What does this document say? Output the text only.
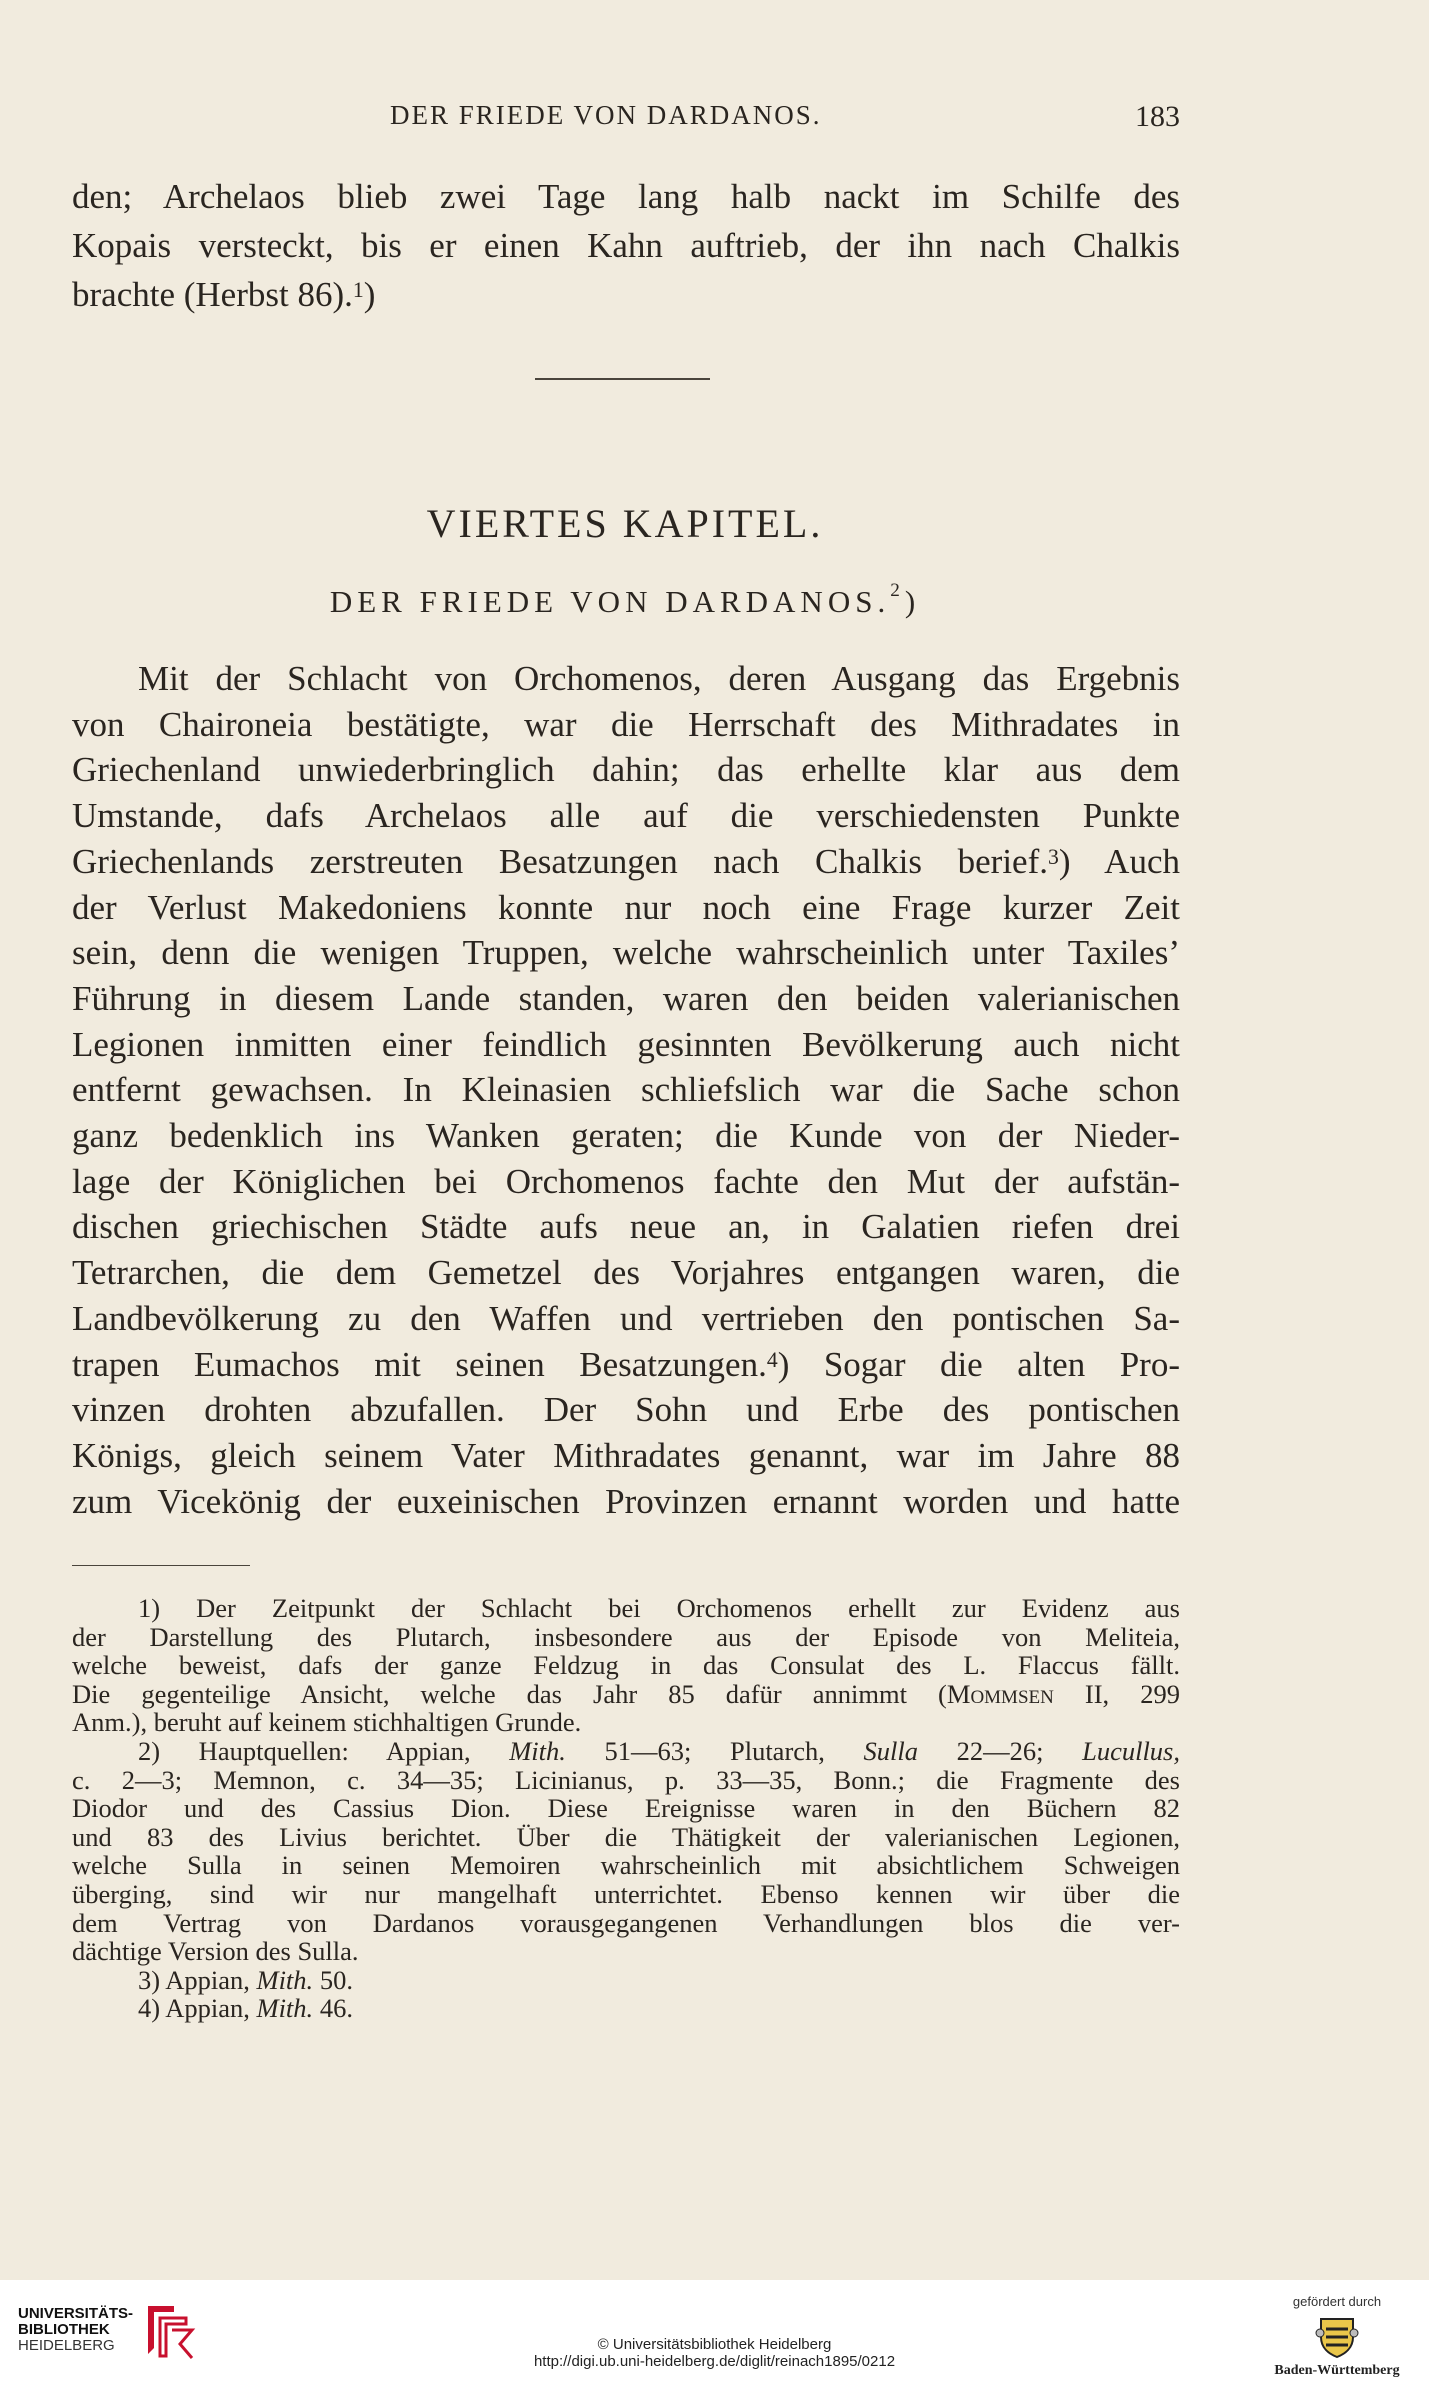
DER FRIEDE VON DARDANOS.	183
den; Archelaos blieb zwei Tage lang halb nackt im Schilfe des
Kopais versteckt, bis er einen Kahn auftrieb, der ihn nach Chalkis
brachte (Herbst 86).$^1$)
VIERTES KAPITEL.
DER FRIEDE VON DARDANOS.$^2$)
Mit der Schlacht von Orchomenos, deren Ausgang das Ergebnis
von Chaironeia bestätigte, war die Herrschaft des Mithradates in
Griechenland unwiederbringlich dahin; das erhellte klar aus dem
Umstande, dafs Archelaos alle auf die verschiedensten Punkte
Griechenlands zerstreuten Besatzungen nach Chalkis berief.$^3$) Auch
der Verlust Makedoniens konnte nur noch eine Frage kurzer Zeit
sein, denn die wenigen Truppen, welche wahrscheinlich unter Taxiles’
Führung in diesem Lande standen, waren den beiden valerianischen
Legionen inmitten einer feindlich gesinnten Bevölkerung auch nicht
entfernt gewachsen. In Kleinasien schliefslich war die Sache schon
ganz bedenklich ins Wanken geraten; die Kunde von der Nieder-
lage der Königlichen bei Orchomenos fachte den Mut der aufstän-
dischen griechischen Städte aufs neue an, in Galatien riefen drei
Tetrarchen, die dem Gemetzel des Vorjahres entgangen waren, die
Landbevölkerung zu den Waffen und vertrieben den pontischen Sa-
trapen Eumachos mit seinen Besatzungen.$^4$) Sogar die alten Pro-
vinzen drohten abzufallen. Der Sohn und Erbe des pontischen
Königs, gleich seinem Vater Mithradates genannt, war im Jahre 88
zum Vicekönig der euxeinischen Provinzen ernannt worden und hatte
1) Der Zeitpunkt der Schlacht bei Orchomenos erhellt zur Evidenz aus
der Darstellung des Plutarch, insbesondere aus der Episode von Meliteia,
welche beweist, dafs der ganze Feldzug in das Consulat des L. Flaccus fällt.
Die gegenteilige Ansicht, welche das Jahr 85 dafür annimmt (Mommsen II, 299
Anm.), beruht auf keinem stichhaltigen Grunde.
2) Hauptquellen: Appian, Mith. 51—63; Plutarch, Sulla 22—26; Lucullus,
c. 2—3; Memnon, c. 34—35; Licinianus, p. 33—35, Bonn.; die Fragmente des
Diodor und des Cassius Dion. Diese Ereignisse waren in den Büchern 82
und 83 des Livius berichtet. Über die Thätigkeit der valerianischen Legionen,
welche Sulla in seinen Memoiren wahrscheinlich mit absichtlichem Schweigen
überging, sind wir nur mangelhaft unterrichtet. Ebenso kennen wir über die
dem Vertrag von Dardanos vorausgegangenen Verhandlungen blos die ver-
dächtige Version des Sulla.
3) Appian, Mith. 50.
4) Appian, Mith. 46.
UNIVERSITÄTS-
BIBLIOTHEK
HEIDELBERG	© Universitätsbibliothek Heidelberg
http://digi.ub.uni-heidelberg.de/diglit/reinach1895/0212
gefördert durch
Baden-Württemberg
